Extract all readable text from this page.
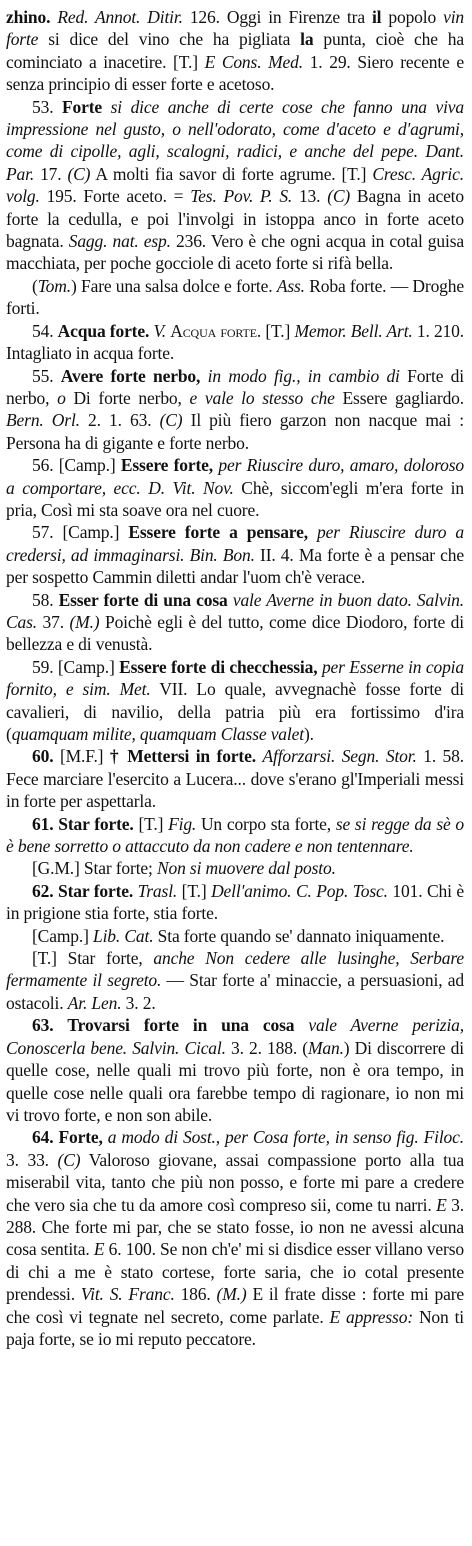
zhino. Red. Annot. Ditir. 126. Oggi in Firenze tra il popolo vin forte si dice del vino che ha pigliata la punta, cioè che ha cominciato a inacetire. [T.] E Cons. Med. 1. 29. Siero recente e senza principio di esser forte e acetoso.

53. Forte si dice anche di certe cose che fanno una viva impressione nel gusto, o nell'odorato, come d'aceto e d'agrumi, come di cipolle, agli, scalogni, radici, e anche del pepe. Dant. Par. 17. (C) A molti fia savor di forte agrume. [T.] Cresc. Agric. volg. 195. Forte aceto. = Tes. Pov. P. S. 13. (C) Bagna in aceto forte la cedulla, e poi l'involgi in istoppa anco in forte aceto bagnata. Sagg. nat. esp. 236. Vero è che ogni acqua in cotal guisa macchiata, per poche gocciole di aceto forte si rifà bella.

(Tom.) Fare una salsa dolce e forte. Ass. Roba forte. — Droghe forti.

54. Acqua forte. V. Acqua forte. [T.] Memor. Bell. Art. 1. 210. Intagliato in acqua forte.

55. Avere forte nerbo, in modo fig., in cambio di Forte di nerbo, o Di forte nerbo, e vale lo stesso che Essere gagliardo. Bern. Orl. 2. 1. 63. (C) Il più fiero garzon non nacque mai : Persona ha di gigante e forte nerbo.

56. [Camp.] Essere forte, per Riuscire duro, amaro, doloroso a comportare, ecc. D. Vit. Nov. Chè, siccom'egli m'era forte in pria, Così mi sta soave ora nel cuore.

57. [Camp.] Essere forte a pensare, per Riuscire duro a credersi, ad immaginarsi. Bin. Bon. II. 4. Ma forte è a pensar che per sospetto Cammin diletti andar l'uom ch'è verace.

58. Esser forte di una cosa vale Averne in buon dato. Salvin. Cas. 37. (M.) Poichè egli è del tutto, come dice Diodoro, forte di bellezza e di venustà.

59. [Camp.] Essere forte di checchessia, per Esserne in copia fornito, e sim. Met. VII. Lo quale, avvegnachè fosse forte di cavalieri, di navilio, della patria più era fortissimo d'ira (quamquam milite, quamquam Classe valet).

60. [M.F.] † Mettersi in forte. Afforzarsi. Segn. Stor. 1. 58. Fece marciare l'esercito a Lucera... dove s'erano gl'Imperiali messi in forte per aspettarla.

61. Star forte. [T.] Fig. Un corpo sta forte, se si regge da sè o è bene sorretto o attaccuto da non cadere e non tentennare.

[G.M.] Star forte; Non si muovere dal posto.

62. Star forte. Trasl. [T.] Dell'animo. C. Pop. Tosc. 101. Chi è in prigione stia forte, stia forte.

[Camp.] Lib. Cat. Sta forte quando se' dannato iniquamente.

[T.] Star forte, anche Non cedere alle lusinghe, Serbare fermamente il segreto. — Star forte a' minaccie, a persuasioni, ad ostacoli. Ar. Len. 3. 2.

63. Trovarsi forte in una cosa vale Averne perizia, Conoscerla bene. Salvin. Cical. 3. 2. 188. (Man.) Di discorrere di quelle cose, nelle quali mi trovo più forte, non è ora tempo, in quelle cose nelle quali ora farebbe tempo di ragionare, io non mi vi trovo forte, e non son abile.

64. Forte, a modo di Sost., per Cosa forte, in senso fig. Filoc. 3. 33. (C) Valoroso giovane, assai compassione porto alla tua miserabil vita, tanto che più non posso, e forte mi pare a credere che vero sia che tu da amore così compreso sii, come tu narri. E 3. 288. Che forte mi par, che se stato fosse, io non ne avessi alcuna cosa sentita. E 6. 100. Se non ch'e' mi si disdice esser villano verso di chi a me è stato cortese, forte saria, che io cotal presente prendessi. Vit. S. Franc. 186. (M.) E il frate disse : forte mi pare che così vi tegnate nel secreto, come parlate. E appresso: Non ti paja forte, se io mi reputo peccatore.
